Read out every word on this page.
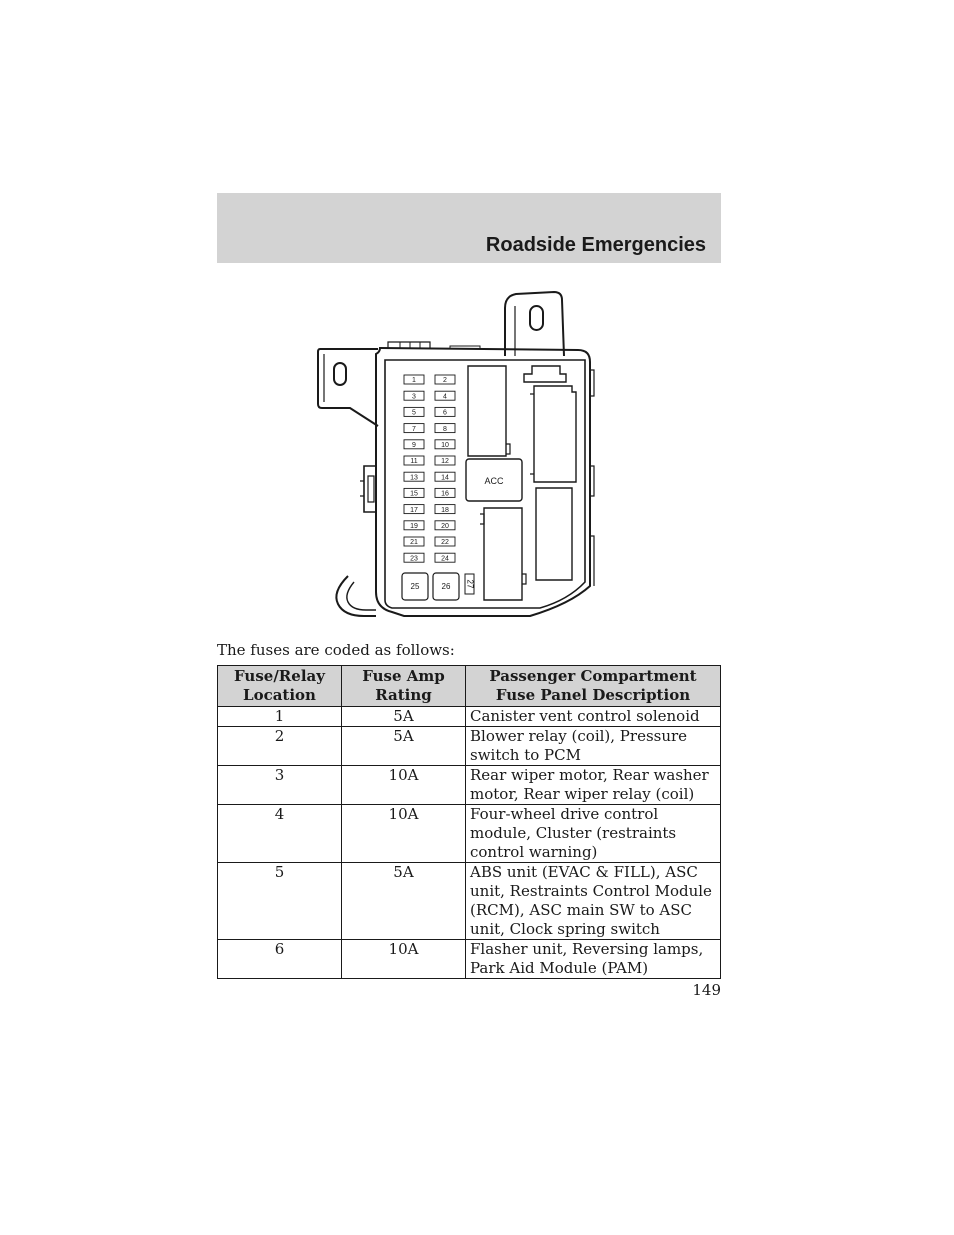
Roadside Emergencies
1	2
3	4
5	6
7	8
9	10
11	12
13	14
15	16
17	18
19	20
21	22
23	24
25	26 27
ACC

The fuses are coded as follows:

Fuse/Relay Location	Fuse Amp Rating	Passenger Compartment Fuse Panel Description
1	5A	Canister vent control solenoid
2	5A	Blower relay (coil), Pressure switch to PCM
3	10A	Rear wiper motor, Rear washer motor, Rear wiper relay (coil)
4	10A	Four-wheel drive control module, Cluster (restraints control warning)
5	5A	ABS unit (EVAC & FILL), ASC unit, Restraints Control Module (RCM), ASC main SW to ASC unit, Clock spring switch
6	10A	Flasher unit, Reversing lamps, Park Aid Module (PAM)

149
